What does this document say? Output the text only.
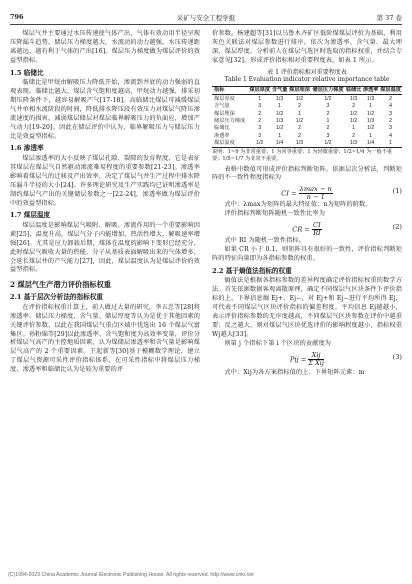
796	采矿与安全工程学报	第 37 卷

煤层气井主要通过水压传递使气体产出，气体有效动用半径呈现压降漏斗趋势，储层压力梯度越大，水流动的动力越强，水压传递距离越远，越有利于气体的产出[16]。煤层压力梯度做为煤层评价的效益型指标。

1.5 临储比

临储比是甲烷由解吸压力降低开始，渗流到井底的动力强弱的直观表现。临储比越大，煤层含气饱和度越高，甲烷动力越强，排采初期压降条件下，越容易解吸产气[17-18]。高临储比煤层可减缓煤层气井单相水流阶段的时间，降低排水降压段有效压力对煤层气降压渗流速度的损害，减弱煤层储层对煤层临界解吸压力的负面应，增加产气动力[19-20]。因此在储层评价中认为，临界解吸压力与储层压力比是效益型指标。

1.6 渗透率

煤层渗透率的大小反映了煤层孔隙、裂隙的发育程度，它是表征其煤层在煤层气自然驱动渗流难易程度的重要参数[21-23]。渗透率影响着煤层气的迁移及产出效率，决定了煤层气井生产过程中排水降压漏斗半径的大小[24]。许多理论研究及生产实践均已证明渗透率是制约煤层气产出的关键储层参数之一[22-24]，渗透率做为煤层评价中的效益型指标。

1.7 煤层温度

煤层温度是影响煤层气吸附、解吸、渗流作用的一个重要影响因素[25]，温度升高，煤层气分子内能增加，热活性增大，解吸速率增强[26]。尤其是应力卸载后期，煤体在温度的影响下变形已经充分，此时煤层气吸收大量的热能，分子从基质表面解吸出来的气体增多，会延长煤层井的产气能力[27]，因此，煤层温度认为是煤层评价的效益型指标。

2 煤层气生产潜力评价指标权重
2.1 基于层次分析法的指标权重

在评价指标权重计算上，前人做过大量的研究，李五忠等[28]将渗透率、储层压力梯度、含气量、储层厚度等认为是优于其他因素的关键评价参数，以此在我国煤层气重点区域中优选出 16 个煤层气富集区。孙粉锦等[29]以此渗透率、含气饱和度为高效率变量，评价分析煤层气高产的主控地质因素，认为煤储层渗透率和含气量是影响煤层气高产的 2 个重要因素。王起新等[30]基于模糊数学理论，建立了煤层气资源可采性评价指标体系，在可采性指标中将煤层压力梯度、渗透率和临储比认为是较为重要的评

价参数。杨建超等[31]以乌鲁木齐矿区低阶煤煤层评价为基础，利用灰色关联法对煤层参数进行排序，依次为渗透率、含气量、最大埋深、煤层厚度。分析前人在煤层气选区时选取的指标权重，并结合专家意见[32]，形成评价指标相对重要程度表，如表 1 所示。

表 1 评价指标相对重要程度表
Table 1 Evaluation indicator relative importance table
指标	煤层厚度	含气量	煤层埋深	储层压力梯度	临储比	渗透率	煤层温度
煤层厚度	1	1/3	1/2	1/2	1/3	1/3	2
含气量	3	1	2	3	2	1	4
煤层埋深	2	1/2	1	2	1/2	1/2	3
储层压力梯度	2	1/3	1/2	1	1/2	1/3	2
临储比	3	1/2	2	2	1	1/2	3
渗透率	3	1	2	3	2	1	4
煤层温度	1/2	1/4	1/3	1/2	1/3	1/4	1
说明：1~9 为非常重要；1 为同等重要；1 为轻微重要；1/2~1/4 为一般不重要；1/5~1/7 为非常不重要。

表格中数值可形成评价指标判断矩阵。依据层次分析法，判断矩阵的不一致性程度指标为

CI = $\frac{\lambda\max - n}{n - 1}$	(1)

式中：λmax为矩阵的最大特征值；n为矩阵的阶数。

评价指标判断矩阵随机一致性比率为

CR = $\frac{CI}{RI}$	(2)

式中 RI 为随机一致性指标。

如果 CR 小于 0.1，则矩阵具有很好的一致性，评价指标判断矩阵的特征向量即为各指标参数的权重。

2.2 基于熵值法指标的权重

熵值法是根据各指标参数的差异程度确定评价指标权重的数学方法。首先依据数据客观离散原理，确定不同煤层气区块条件下评价指标的上、下界信息熵 Ej+、Ej−，对 Ej+和 Ej−进行平均所得 Ej，可代表不同煤层气区块评价指标的偏差程度。平均信息 Ej越越小，表示评价指标参数的无序度越高，不同煤层气区块参数在评价中越重要；反之越大，则对煤层气区块优选评价的影响程度越小，指标权重 Wj越大[33]。

则第 j 个指标下第 i 个区块的贡献度为

Pij = $\frac{\text{Xij}}{\text{Σ Xij}}$	(3)

式中：Xij为各方案指标值的上、下界矩阵元素；m

(C)1994-2023 China Academic Journal Electronic Publishing House. All rights reserved. http://www.cnki.net
